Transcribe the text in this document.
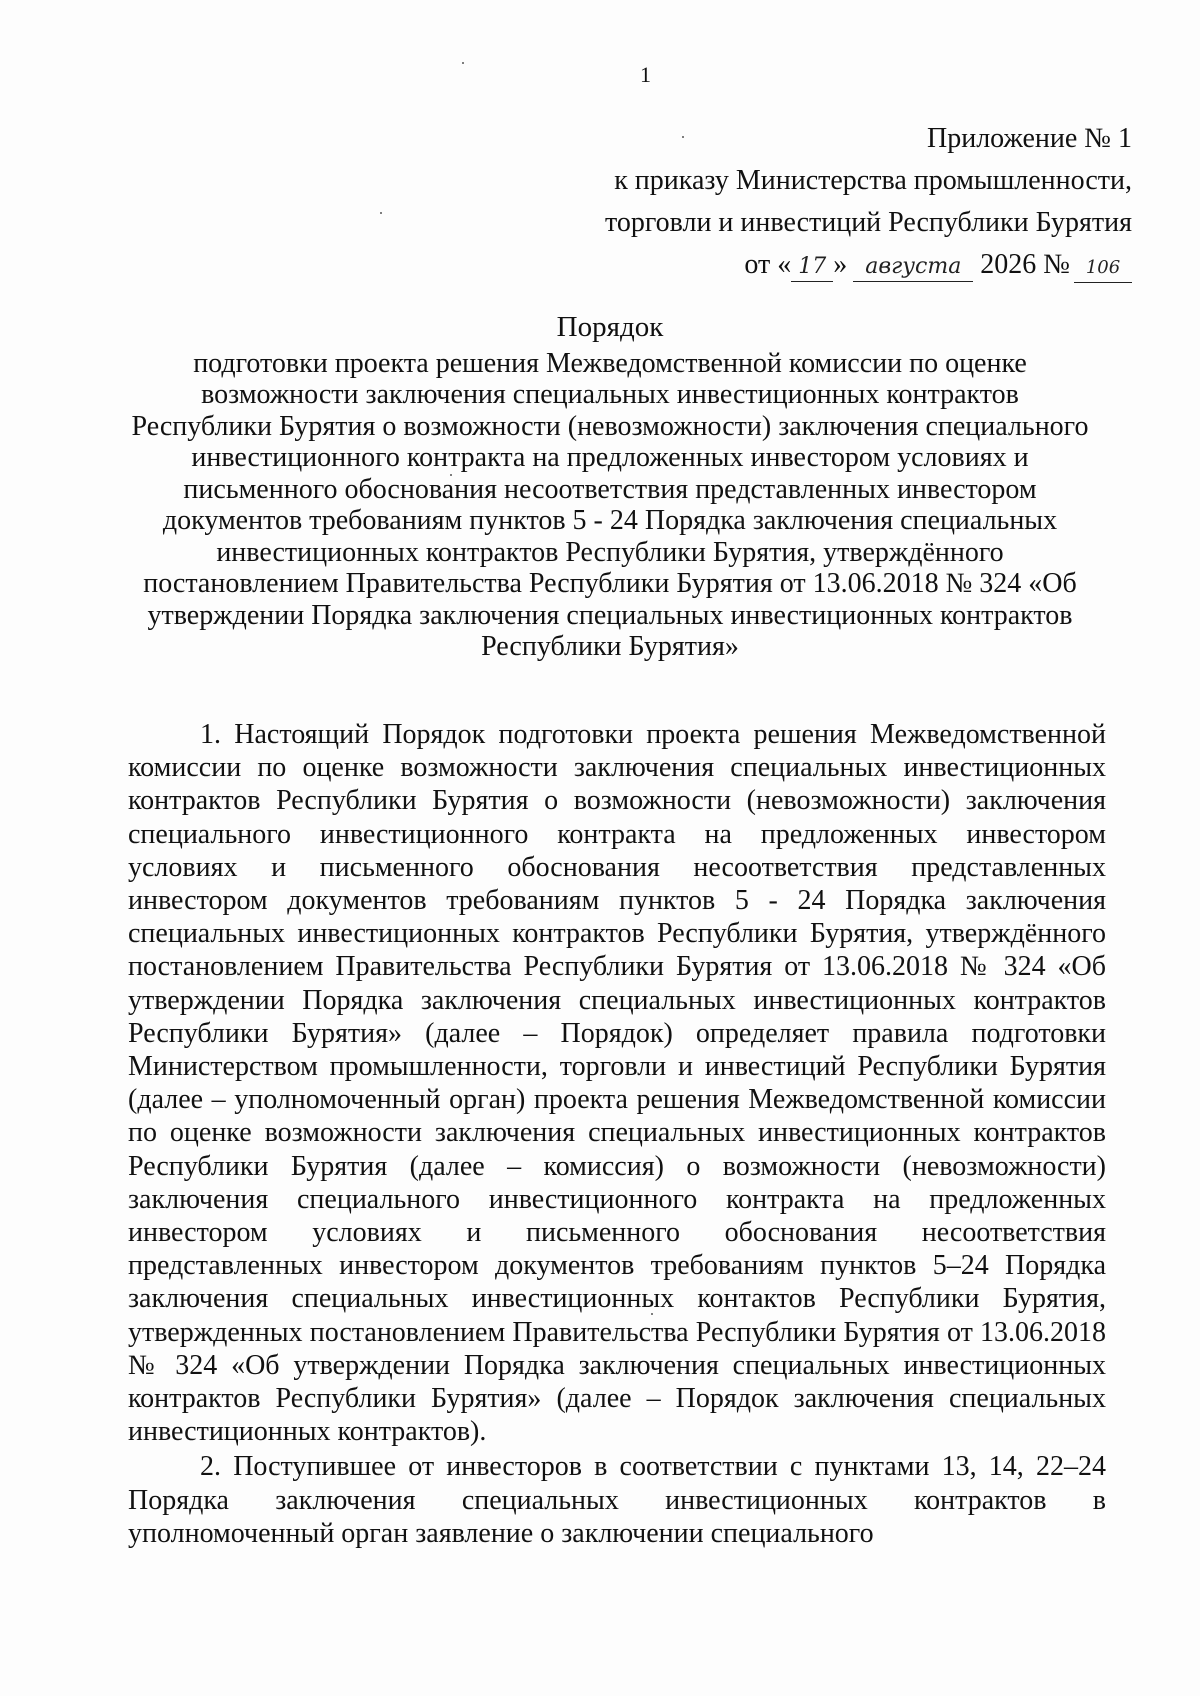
1
Приложение № 1
к приказу Министерства промышленности,
торговли и инвестиций Республики Бурятия
от « 17 » августа 2026 № 106
Порядок
подготовки проекта решения Межведомственной комиссии по оценке возможности заключения специальных инвестиционных контрактов Республики Бурятия о возможности (невозможности) заключения специального инвестиционного контракта на предложенных инвестором условиях и письменного обоснования несоответствия представленных инвестором документов требованиям пунктов 5 - 24 Порядка заключения специальных инвестиционных контрактов Республики Бурятия, утверждённого постановлением Правительства Республики Бурятия от 13.06.2018 № 324 «Об утверждении Порядка заключения специальных инвестиционных контрактов Республики Бурятия»

1. Настоящий Порядок подготовки проекта решения Межведомственной комиссии по оценке возможности заключения специальных инвестиционных контрактов Республики Бурятия о возможности (невозможности) заключения специального инвестиционного контракта на предложенных инвестором условиях и письменного обоснования несоответствия представленных инвестором документов требованиям пунктов 5 - 24 Порядка заключения специальных инвестиционных контрактов Республики Бурятия, утверждённого постановлением Правительства Республики Бурятия от 13.06.2018 № 324 «Об утверждении Порядка заключения специальных инвестиционных контрактов Республики Бурятия» (далее – Порядок) определяет правила подготовки Министерством промышленности, торговли и инвестиций Республики Бурятия (далее – уполномоченный орган) проекта решения Межведомственной комиссии по оценке возможности заключения специальных инвестиционных контрактов Республики Бурятия (далее – комиссия) о возможности (невозможности) заключения специального инвестиционного контракта на предложенных инвестором условиях и письменного обоснования несоответствия представленных инвестором документов требованиям пунктов 5–24 Порядка заключения специальных инвестиционных контактов Республики Бурятия, утвержденных постановлением Правительства Республики Бурятия от 13.06.2018 № 324 «Об утверждении Порядка заключения специальных инвестиционных контрактов Республики Бурятия» (далее – Порядок заключения специальных инвестиционных контрактов).

2. Поступившее от инвесторов в соответствии с пунктами 13, 14, 22–24 Порядка заключения специальных инвестиционных контрактов в уполномоченный орган заявление о заключении специального
